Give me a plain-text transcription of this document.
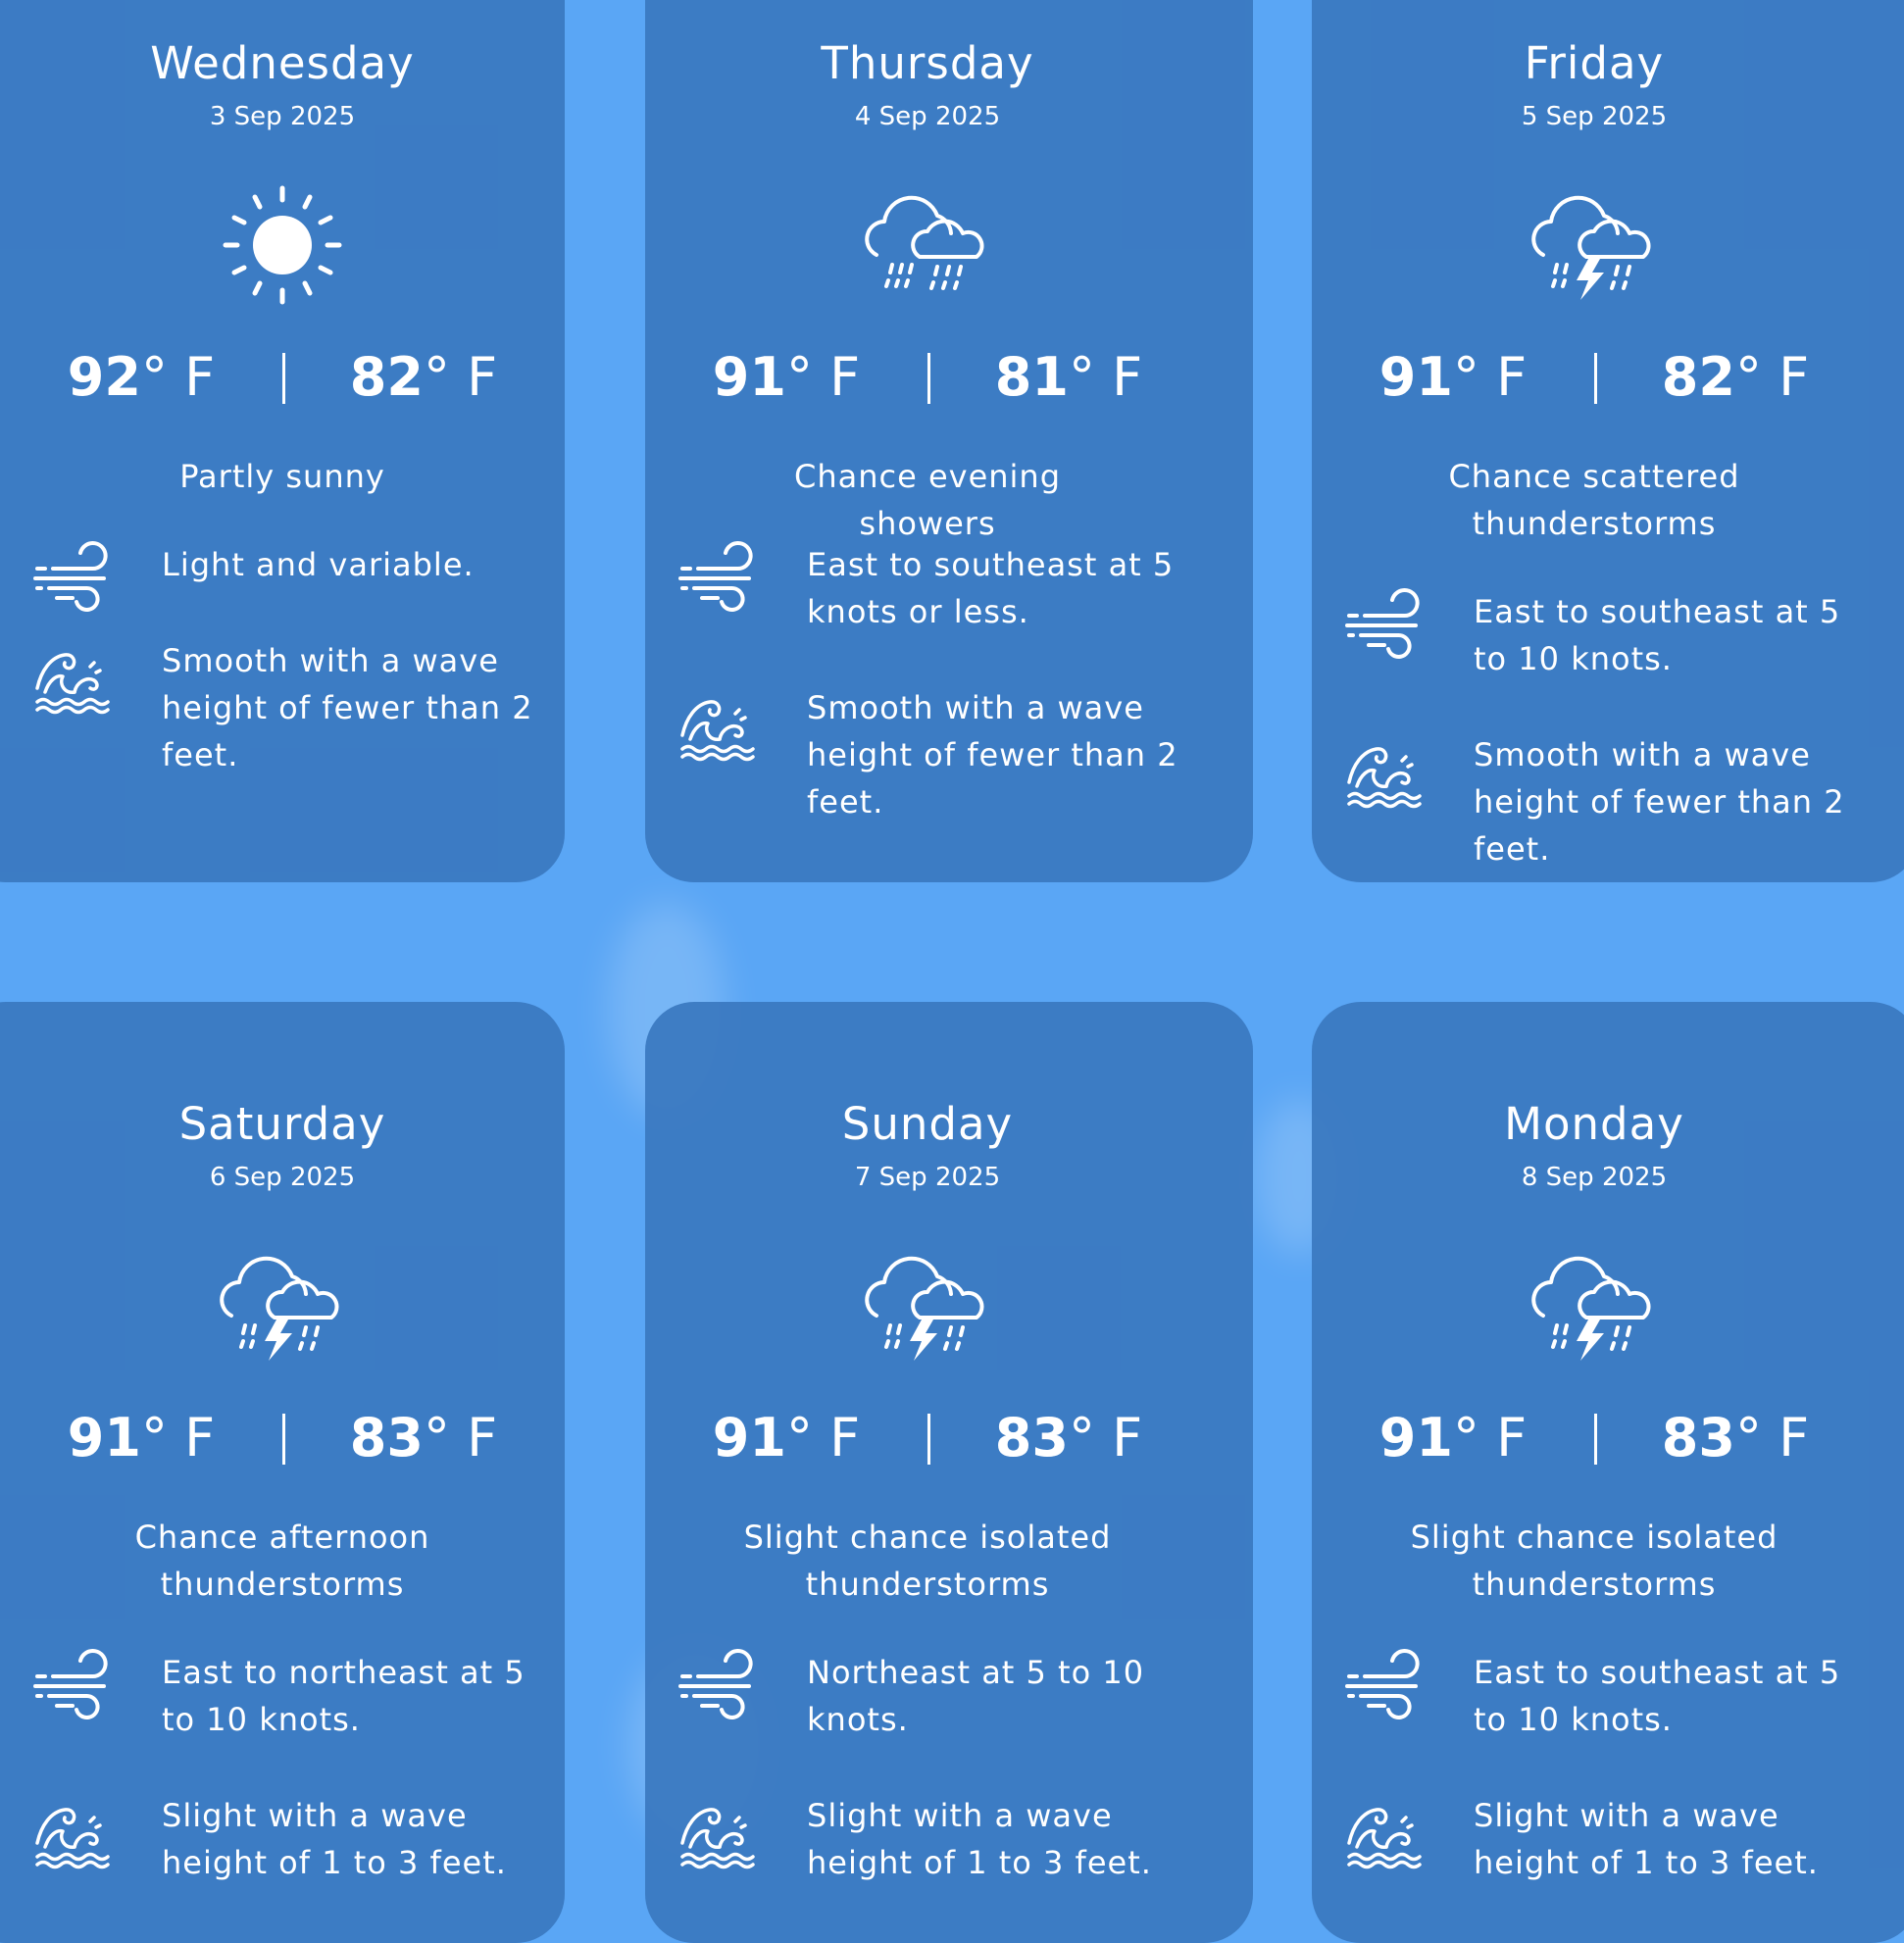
Wednesday
3 Sep 2025
92° F	82° F
Partly sunny
Light and variable.
Smooth with a wave height of fewer than 2 feet.
Thursday
4 Sep 2025
91° F	81° F
Chance evening showers
East to southeast at 5 knots or less.
Smooth with a wave height of fewer than 2 feet.
Friday
5 Sep 2025
91° F	82° F
Chance scattered thunderstorms
East to southeast at 5 to 10 knots.
Smooth with a wave height of fewer than 2 feet.
Saturday
6 Sep 2025
91° F	83° F
Chance afternoon thunderstorms
East to northeast at 5 to 10 knots.
Slight with a wave height of 1 to 3 feet.
Sunday
7 Sep 2025
91° F	83° F
Slight chance isolated thunderstorms
Northeast at 5 to 10 knots.
Slight with a wave height of 1 to 3 feet.
Monday
8 Sep 2025
91° F	83° F
Slight chance isolated thunderstorms
East to southeast at 5 to 10 knots.
Slight with a wave height of 1 to 3 feet.
